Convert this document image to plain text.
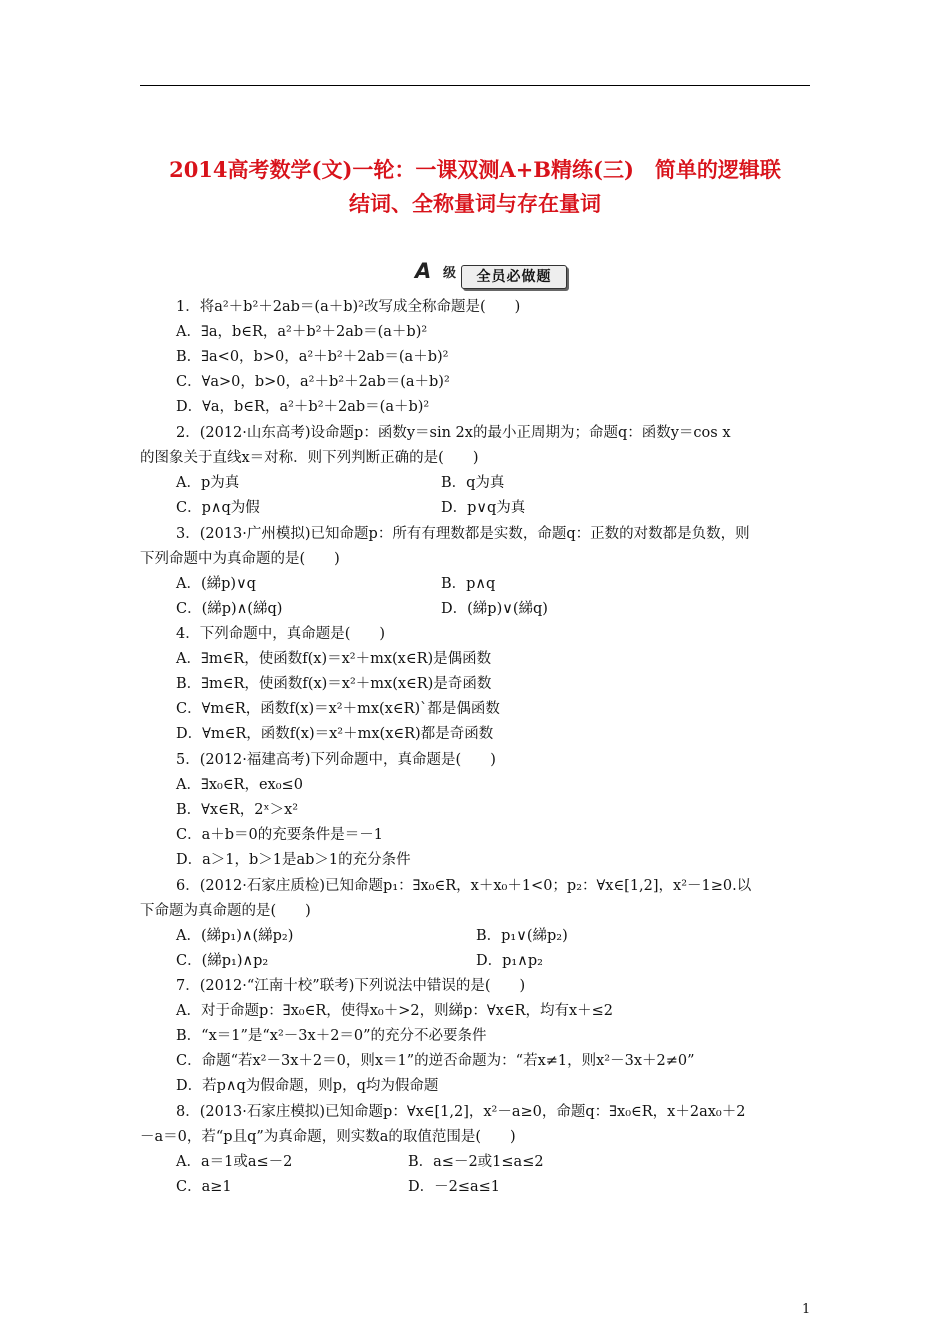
2014高考数学(文)一轮：一课双测A+B精练(三)　简单的逻辑联
结词、全称量词与存在量词
A 级	全员必做题
1．将a²＋b²＋2ab＝(a＋b)²改写成全称命题是(　　)
A．∃a，b∈R，a²＋b²＋2ab＝(a＋b)²
B．∃a<0，b>0，a²＋b²＋2ab＝(a＋b)²
C．∀a>0，b>0，a²＋b²＋2ab＝(a＋b)²
D．∀a，b∈R，a²＋b²＋2ab＝(a＋b)²
2．(2012·山东高考)设命题p：函数y＝sin 2x的最小正周期为；命题q：函数y＝cos x
的图象关于直线x＝对称．则下列判断正确的是(　　)
A．p为真	B．q为真
C．p∧q为假	D．p∨q为真
3．(2013·广州模拟)已知命题p：所有有理数都是实数，命题q：正数的对数都是负数，则
下列命题中为真命题的是(　　)
A．(綈p)∨q	B．p∧q
C．(綈p)∧(綈q)	D．(綈p)∨(綈q)
4．下列命题中，真命题是(　　)
A．∃m∈R，使函数f(x)＝x²＋mx(x∈R)是偶函数
B．∃m∈R，使函数f(x)＝x²＋mx(x∈R)是奇函数
C．∀m∈R，函数f(x)＝x²＋mx(x∈R)`都是偶函数
D．∀m∈R，函数f(x)＝x²＋mx(x∈R)都是奇函数
5．(2012·福建高考)下列命题中，真命题是(　　)
A．∃x₀∈R，ex₀≤0
B．∀x∈R，2ˣ＞x²
C．a＋b＝0的充要条件是＝－1
D．a＞1，b＞1是ab＞1的充分条件
6．(2012·石家庄质检)已知命题p₁：∃x₀∈R，x＋x₀＋1<0；p₂：∀x∈[1,2]，x²－1≥0.以
下命题为真命题的是(　　)
A．(綈p₁)∧(綈p₂)	B．p₁∨(綈p₂)
C．(綈p₁)∧p₂	D．p₁∧p₂
7．(2012·“江南十校”联考)下列说法中错误的是(　　)
A．对于命题p：∃x₀∈R，使得x₀＋>2，则綈p：∀x∈R，均有x＋≤2
B．“x＝1”是“x²－3x＋2＝0”的充分不必要条件
C．命题“若x²－3x＋2＝0，则x＝1”的逆否命题为：“若x≠1，则x²－3x＋2≠0”
D．若p∧q为假命题，则p，q均为假命题
8．(2013·石家庄模拟)已知命题p：∀x∈[1,2]，x²－a≥0，命题q：∃x₀∈R，x＋2ax₀＋2
－a＝0，若“p且q”为真命题，则实数a的取值范围是(　　)
A．a＝1或a≤－2	B．a≤－2或1≤a≤2
C．a≥1	D．－2≤a≤1
1
